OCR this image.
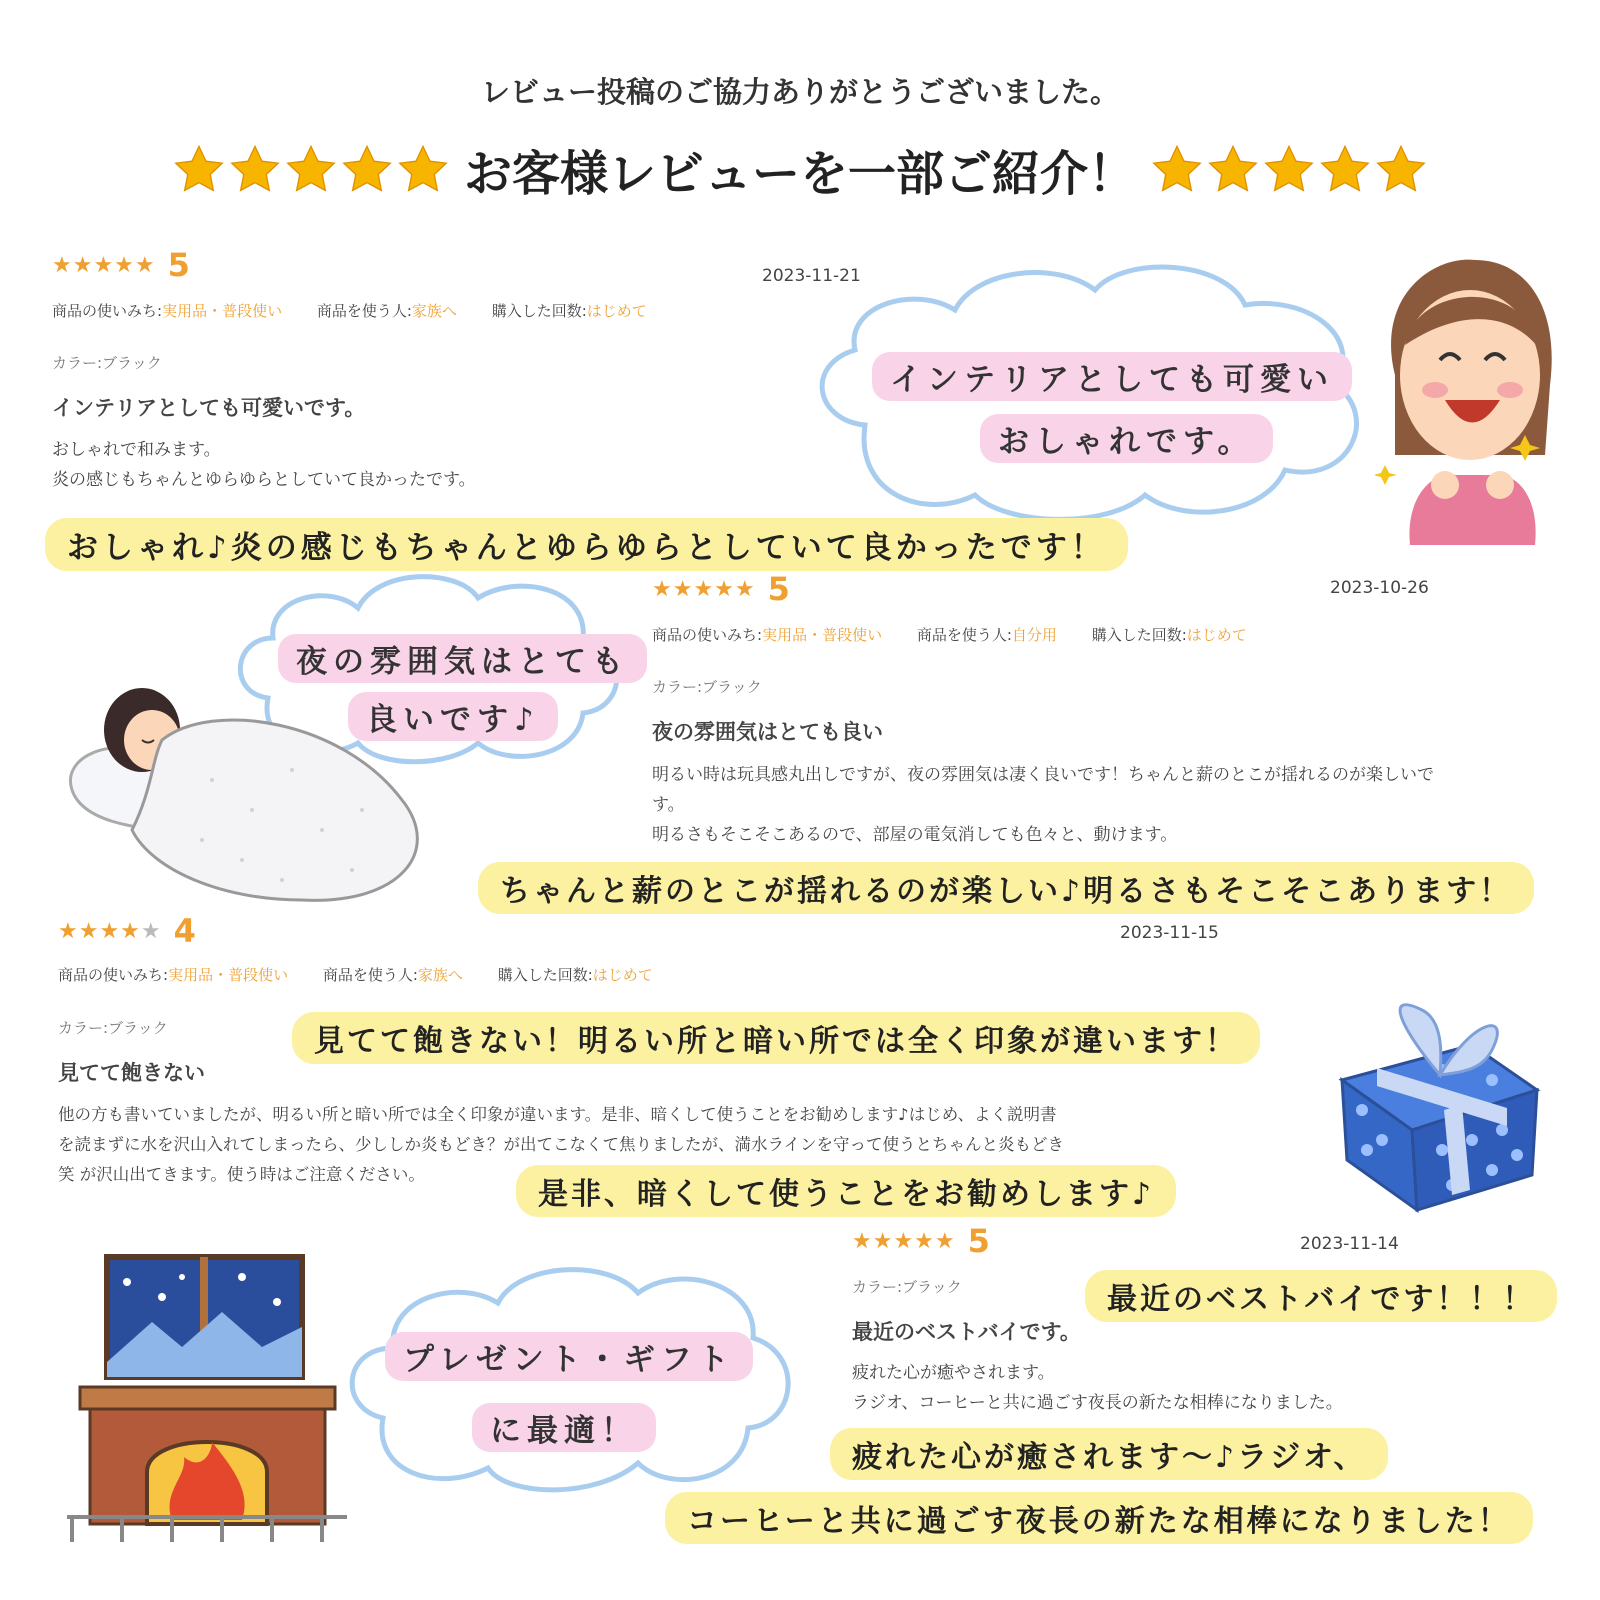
レビュー投稿のご協力ありがとうございました。
お客様レビューを一部ご紹介！
★★★★★ 5	2023-11-21
商品の使いみち:実用品・普段使い 商品を使う人:家族へ 購入した回数:はじめて
カラー:ブラック
インテリアとしても可愛いです。
おしゃれで和みます。
炎の感じもちゃんとゆらゆらとしていて良かったです。
インテリアとしても可愛い
おしゃれです。
おしゃれ♪炎の感じもちゃんとゆらゆらとしていて良かったです！
夜の雰囲気はとても
良いです♪
★★★★★ 5	2023-10-26
商品の使いみち:実用品・普段使い 商品を使う人:自分用 購入した回数:はじめて
カラー:ブラック
夜の雰囲気はとても良い
明るい時は玩具感丸出しですが、夜の雰囲気は凄く良いです！ちゃんと薪のとこが揺れるのが楽しいで
す。
明るさもそこそこあるので、部屋の電気消しても色々と、動けます。
ちゃんと薪のとこが揺れるのが楽しい♪明るさもそこそこあります！
★★★★★ 4	2023-11-15
商品の使いみち:実用品・普段使い 商品を使う人:家族へ 購入した回数:はじめて
カラー:ブラック
見てて飽きない
見てて飽きない！明るい所と暗い所では全く印象が違います！
他の方も書いていましたが、明るい所と暗い所では全く印象が違います。是非、暗くして使うことをお勧めします♪はじめ、よく説明書
を読まずに水を沢山入れてしまったら、少ししか炎もどき？が出てこなくて焦りましたが、満水ラインを守って使うとちゃんと炎もどき
笑 が沢山出てきます。使う時はご注意ください。
是非、暗くして使うことをお勧めします♪
プレゼント・ギフト
に最適！
★★★★★ 5	2023-11-14
カラー:ブラック	最近のベストバイです！！！
最近のベストバイです。
疲れた心が癒やされます。
ラジオ、コーヒーと共に過ごす夜長の新たな相棒になりました。
疲れた心が癒されます～♪ラジオ、
コーヒーと共に過ごす夜長の新たな相棒になりました！
